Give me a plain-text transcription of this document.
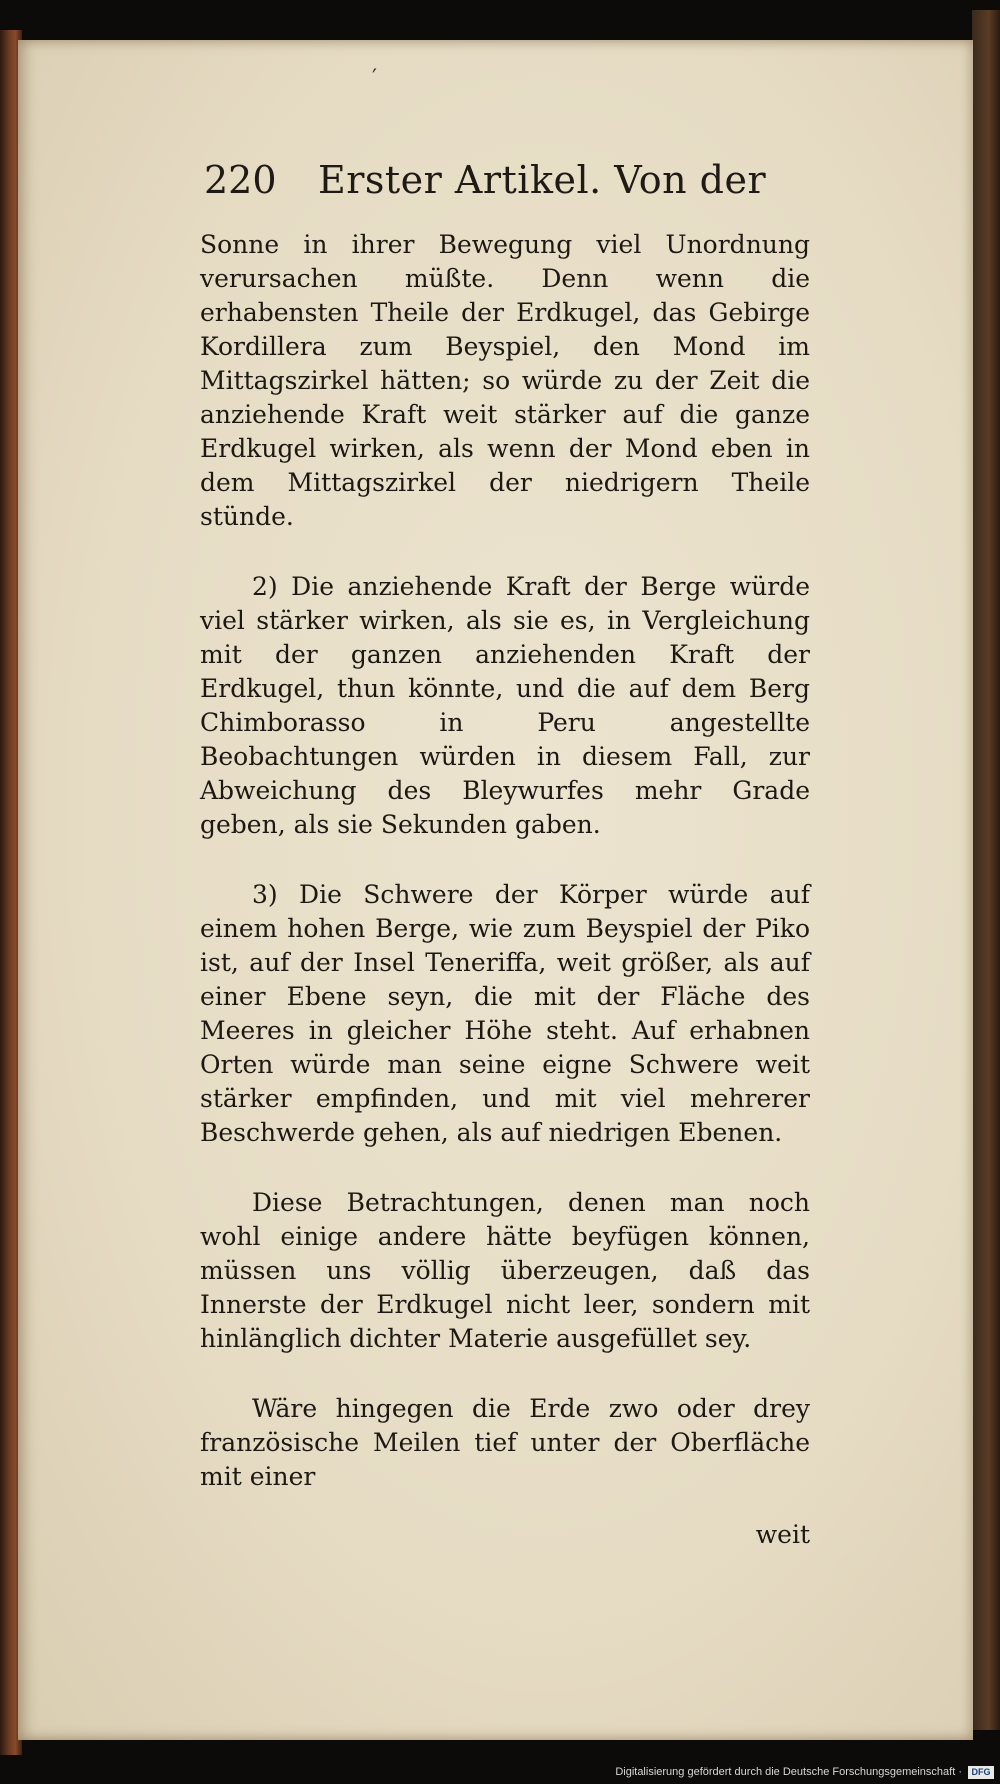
′
220 Erster Artikel. Von der

Sonne in ihrer Bewegung viel Unordnung verursachen müßte. Denn wenn die erhabensten Theile der Erdkugel, das Gebirge Kordillera zum Beyspiel, den Mond im Mittagszirkel hätten; so würde zu der Zeit die anziehende Kraft weit stärker auf die ganze Erdkugel wirken, als wenn der Mond eben in dem Mittagszirkel der niedrigern Theile stünde.

2) Die anziehende Kraft der Berge würde viel stärker wirken, als sie es, in Vergleichung mit der ganzen anziehenden Kraft der Erdkugel, thun könnte, und die auf dem Berg Chimborasso in Peru angestellte Beobachtungen würden in diesem Fall, zur Abweichung des Bleywurfes mehr Grade geben, als sie Sekunden gaben.

3) Die Schwere der Körper würde auf einem hohen Berge, wie zum Beyspiel der Piko ist, auf der Insel Teneriffa, weit größer, als auf einer Ebene seyn, die mit der Fläche des Meeres in gleicher Höhe steht. Auf erhabnen Orten würde man seine eigne Schwere weit stärker empfinden, und mit viel mehrerer Beschwerde gehen, als auf niedrigen Ebenen.

Diese Betrachtungen, denen man noch wohl einige andere hätte beyfügen können, müssen uns völlig überzeugen, daß das Innerste der Erdkugel nicht leer, sondern mit hinlänglich dichter Materie ausgefüllet sey.

Wäre hingegen die Erde zwo oder drey französische Meilen tief unter der Oberfläche mit einer

weit
Digitalisierung gefördert durch die Deutsche Forschungsgemeinschaft ·	DFG
